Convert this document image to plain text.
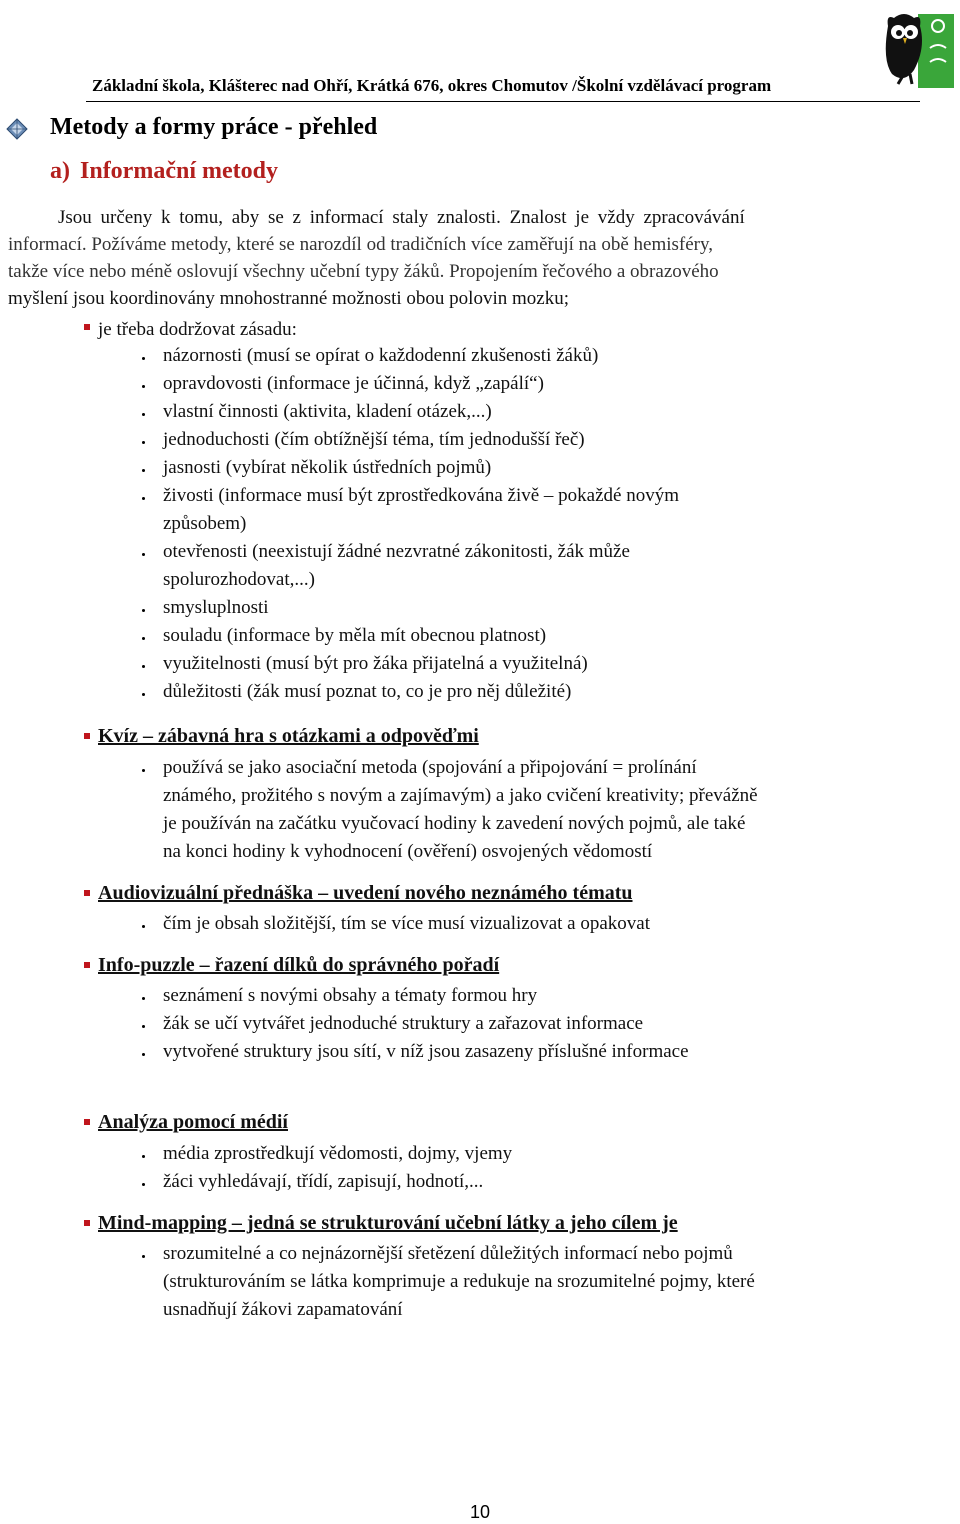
Základní škola, Klášterec nad Ohří, Krátká 676, okres Chomutov /Školní vzdělávací program
Metody a formy práce - přehled
a) Informační metody
Jsou určeny k tomu, aby se z informací staly znalosti. Znalost je vždy zpracovávání
informací. Požíváme metody, které se narozdíl od tradičních více zaměřují na obě hemisféry,
takže více nebo méně oslovují všechny učební typy žáků. Propojením řečového a obrazového
myšlení jsou koordinovány mnohostranné možnosti obou polovin mozku;
je třeba dodržovat zásadu:
názornosti (musí se opírat o každodenní zkušenosti žáků)
opravdovosti (informace je účinná, když „zapálí“)
vlastní činnosti (aktivita, kladení otázek,...)
jednoduchosti (čím obtížnější téma, tím jednodušší řeč)
jasnosti (vybírat několik ústředních pojmů)
živosti (informace musí být zprostředkována živě – pokaždé novým
způsobem)
otevřenosti (neexistují žádné nezvratné zákonitosti, žák může
spolurozhodovat,...)
smysluplnosti
souladu (informace by měla mít obecnou platnost)
využitelnosti (musí být pro žáka přijatelná a využitelná)
důležitosti (žák musí poznat to, co je pro něj důležité)
Kvíz – zábavná hra s otázkami a odpověďmi
používá se jako asociační metoda (spojování a připojování = prolínání
známého, prožitého s novým a zajímavým) a jako cvičení kreativity; převážně
je používán na začátku vyučovací hodiny k zavedení nových pojmů, ale také
na konci hodiny k vyhodnocení (ověření) osvojených vědomostí
Audiovizuální přednáška – uvedení nového neznámého tématu
čím je obsah složitější, tím se více musí vizualizovat a opakovat
Info-puzzle – řazení dílků do správného pořadí
seznámení s novými obsahy a tématy formou hry
žák se učí vytvářet jednoduché struktury a zařazovat informace
vytvořené struktury jsou sítí, v níž jsou zasazeny příslušné informace
Analýza pomocí médií
média zprostředkují vědomosti, dojmy, vjemy
žáci vyhledávají, třídí, zapisují, hodnotí,...
Mind-mapping – jedná se strukturování učební látky a jeho cílem je
srozumitelné a co nejnázornější sřetězení důležitých informací nebo pojmů
(strukturováním se látka komprimuje a redukuje na srozumitelné pojmy, které
usnadňují žákovi zapamatování
10
